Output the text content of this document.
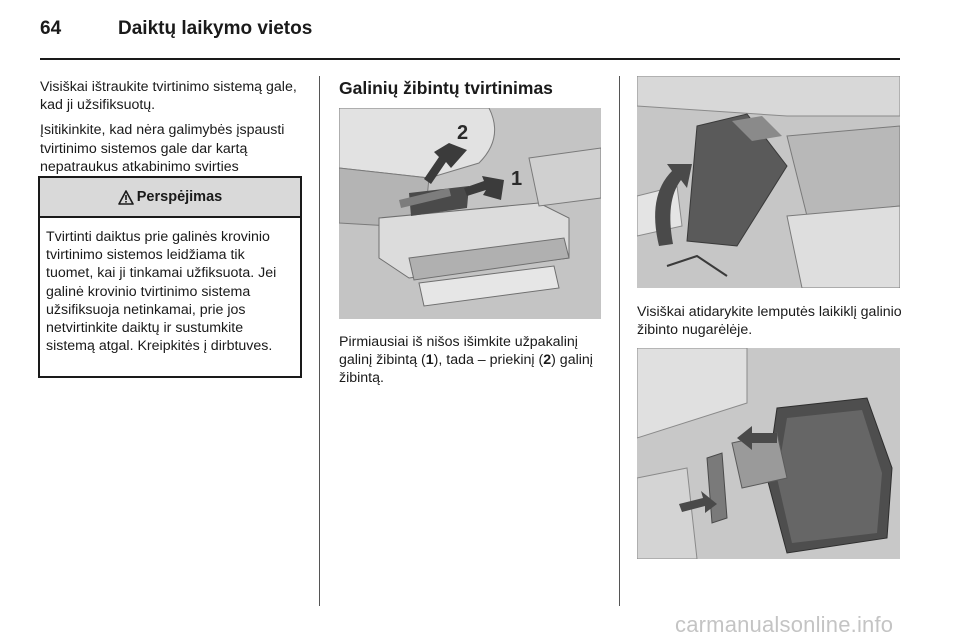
64	Daiktų laikymo vietos

Visiškai ištraukite tvirtinimo sistemą gale, kad ji užsifiksuotų.

Įsitikinkite, kad nėra galimybės įspausti tvirtinimo sistemos gale dar kartą nepatraukus atkabinimo svirties

Perspėjimas
Tvirtinti daiktus prie galinės krovinio tvirtinimo sistemos leidžiama tik tuomet, kai ji tinkamai užfiksuota. Jei galinė krovinio tvirtinimo sistema užsifiksuoja netinkamai, prie jos netvirtinkite daiktų ir sustumkite sistemą atgal. Kreipkitės į dirbtuves.
Galinių žibintų tvirtinimas
2
1
Pirmiausiai iš nišos išimkite užpakalinį galinį žibintą (1), tada – priekinį (2) galinį žibintą.
Visiškai atidarykite lemputės laikiklį galinio žibinto nugarėlėje.
carmanualsonline.info
